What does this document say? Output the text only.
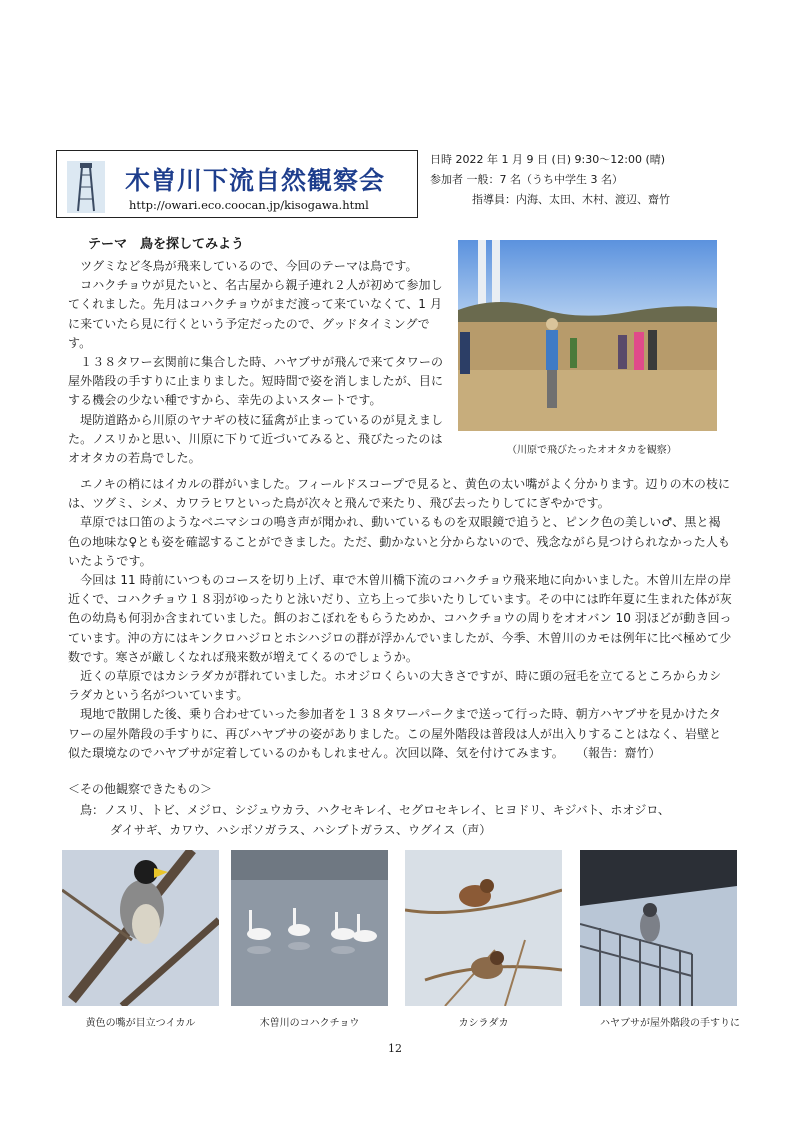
木曽川下流自然観察会
http://owari.eco.coocan.jp/kisogawa.html
日時 2022 年 1 月 9 日 (日) 9:30～12:00 (晴)
参加者 一般：7 名（うち中学生 3 名）
指導員：内海、太田、木村、渡辺、齋竹
テーマ　鳥を探してみよう
　ツグミなど冬鳥が飛来しているので、今回のテーマは鳥です。
　コハクチョウが見たいと、名古屋から親子連れ２人が初めて参加してくれました。先月はコハクチョウがまだ渡って来ていなくて、1 月に来ていたら見に行くという予定だったので、グッドタイミングです。
　１３８タワー玄関前に集合した時、ハヤブサが飛んで来てタワーの屋外階段の手すりに止まりました。短時間で姿を消しましたが、目にする機会の少ない種ですから、幸先のよいスタートです。
　堤防道路から川原のヤナギの枝に猛禽が止まっているのが見えました。ノスリかと思い、川原に下りて近づいてみると、飛びたったのはオオタカの若鳥でした。
（川原で飛びたったオオタカを観察）
　エノキの梢にはイカルの群がいました。フィールドスコープで見ると、黄色の太い嘴がよく分かります。辺りの木の枝には、ツグミ、シメ、カワラヒワといった鳥が次々と飛んで来たり、飛び去ったりしてにぎやかです。
　草原では口笛のようなベニマシコの鳴き声が聞かれ、動いているものを双眼鏡で追うと、ピンク色の美しい♂、黒と褐色の地味な♀とも姿を確認することができました。ただ、動かないと分からないので、残念ながら見つけられなかった人もいたようです。
　今回は 11 時前にいつものコースを切り上げ、車で木曽川橋下流のコハクチョウ飛来地に向かいました。木曽川左岸の岸近くで、コハクチョウ１８羽がゆったりと泳いだり、立ち上って歩いたりしています。その中には昨年夏に生まれた体が灰色の幼鳥も何羽か含まれていました。餌のおこぼれをもらうためか、コハクチョウの周りをオオバン 10 羽ほどが動き回っています。沖の方にはキンクロハジロとホシハジロの群が浮かんでいましたが、今季、木曽川のカモは例年に比べ極めて少数です。寒さが厳しくなれば飛来数が増えてくるのでしょうか。
　近くの草原ではカシラダカが群れていました。ホオジロくらいの大きさですが、時に頭の冠毛を立てるところからカシラダカという名がついています。
　現地で散開した後、乗り合わせていった参加者を１３８タワーパークまで送って行った時、朝方ハヤブサを見かけたタワーの屋外階段の手すりに、再びハヤブサの姿がありました。この屋外階段は普段は人が出入りすることはなく、岩壁と似た環境なのでハヤブサが定着しているのかもしれません。次回以降、気を付けてみます。　　（報告：齋竹）
＜その他観察できたもの＞
鳥：ノスリ、トビ、メジロ、シジュウカラ、ハクセキレイ、セグロセキレイ、ヒヨドリ、キジバト、ホオジロ、
ダイサギ、カワウ、ハシボソガラス、ハシブトガラス、ウグイス（声）
黄色の嘴が目立つイカル	木曽川のコハクチョウ	カシラダカ	ハヤブサが屋外階段の手すりに
12
